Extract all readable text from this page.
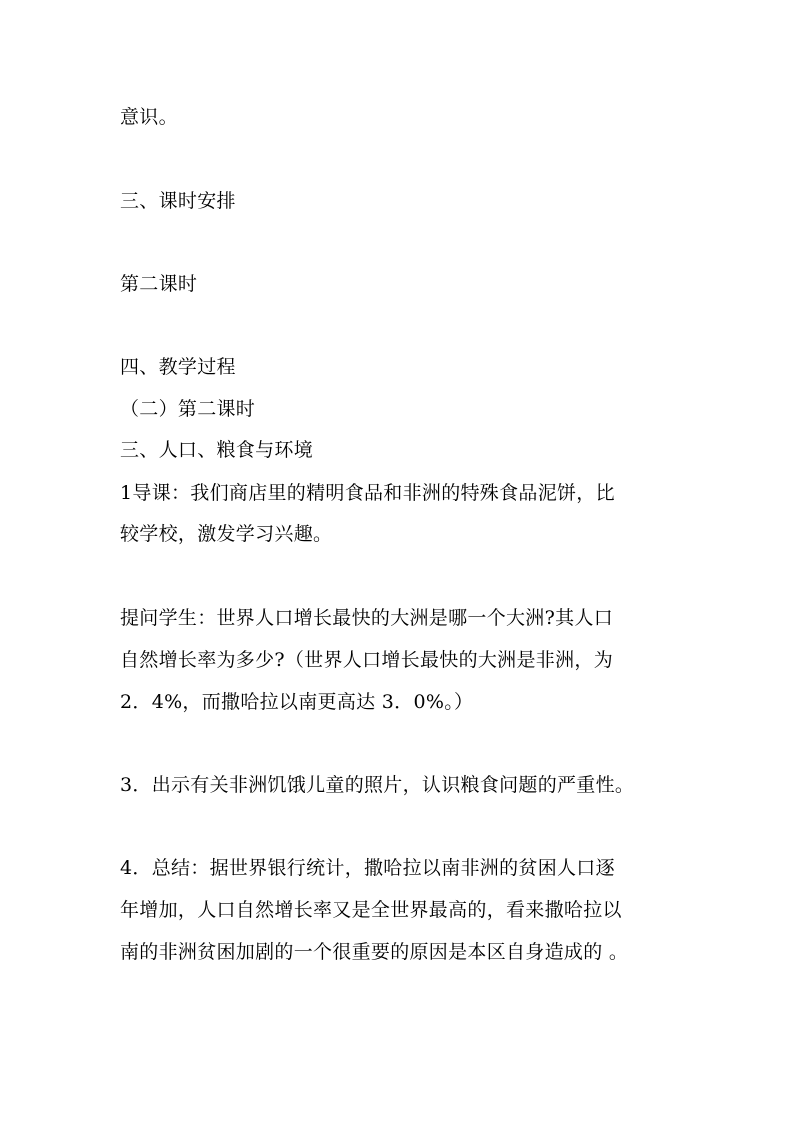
意识。
三、课时安排
第二课时
四、教学过程
（二）第二课时
三、人口、粮食与环境
1导课：我们商店里的精明食品和非洲的特殊食品泥饼，比
较学校，激发学习兴趣。
提问学生：世界人口增长最快的大洲是哪一个大洲?其人口
自然增长率为多少?（世界人口增长最快的大洲是非洲，为
2．4%，而撒哈拉以南更高达 3．0%。）
3．出示有关非洲饥饿儿童的照片，认识粮食问题的严重性。
4．总结：据世界银行统计，撒哈拉以南非洲的贫困人口逐
年增加，人口自然增长率又是全世界最高的，看来撒哈拉以
南的非洲贫困加剧的一个很重要的原因是本区自身造成的 。
